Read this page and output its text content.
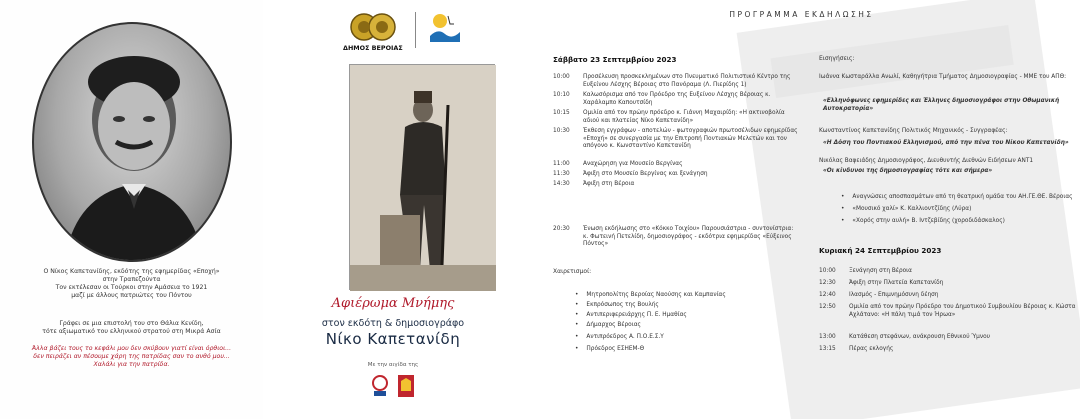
Ο Νίκος Καπετανίδης, εκδότης της εφημερίδας «Εποχή»
στην Τραπεζούντα
Τον εκτέλεσαν οι Τούρκοι στην Αμάσεια το 1921
μαζί με άλλους πατριώτες του Πόντου
Γράφει σε μια επιστολή του στο Θάλια Κενίδη,
τότε αξιωματικό του ελληνικού στρατού στη Μικρά Ασία
Άλλα βάζει τους το κεφάλι μου δεν σκύβουν γιατί είναι όρθιοι...
δεν πειράζει αν πέσουμε χάρη της πατρίδας σαν το ανθό μου...
Χαλάλι για την πατρίδα.
ΔΗΜΟΣ ΒΕΡΟΙΑΣ
Αφιέρωμα Μνήμης
στον εκδότη & δημοσιογράφο
Νίκο Καπετανίδη
Με την αιγίδα της
ΠΡΟΓΡΑΜΜΑ ΕΚΔΗΛΩΣΗΣ
Σάββατο 23 Σεπτεμβρίου 2023
10:00	Προσέλευση προσκεκλημένων στο Πνευματικό Πολιτιστικό Κέντρο της Ευξείνου Λέσχης Βέροιας στο Πανόραμα (Λ. Πιερίδης 1)
10:10	Καλωσόρισμα από τον Πρόεδρο της Ευξείνου Λέσχης Βέροιας κ. Χαράλαμπο Καπουτσίδη
10:15	Ομιλία από τον πρώην πρόεδρο κ. Γιάννη Μαχαιρίδη: «Η ακτινοβολία αδιού και πλατείας Νίκο Καπετανίδη»
10:30	Έκθεση εγγράφων - αποτελών - φωτογραφιών πρωτοσέλιδων εφημερίδας «Εποχή» σε συνεργασία με την Επιτροπή Ποντιακών Μελετών και τον απόγονο κ. Κωνσταντίνο Καπετανίδη
11:00	Αναχώρηση για Μουσείο Βεργίνας
11:30	Άφιξη στο Μουσείο Βεργίνας και ξενάγηση
14:30	Άφιξη στη Βέροια
20:30	Ένωση εκδήλωσης στο «Κόκκο Τοιχίου» Παρουσιάστρια - συντονίστρια: κ. Φωτεινή Πετελίδη, δημοσιογράφος - εκδότρια εφημερίδας «Εύξεινος Πόντος»
Χαιρετισμοί:
• Μητροπολίτης Βεροίας Ναούσης και Καμπανίας
• Εκπρόσωπος της Βουλής
• Αντιπεριφερειάρχης Π. Ε. Ημαθίας
• Δήμαρχος Βέροιας
• Αντιπρόεδρος Α. Π.Ο.Ε.Σ.Υ
• Πρόεδρος ΕΣΗΕΜ-Θ
Εισηγήσεις:
Ιωάννα Κωσταράλλα Ανωλί, Καθηγήτρια Τμήματος Δημοσιογραφίας - ΜΜΕ του ΑΠΘ:
«Ελληνόφωνες εφημερίδες και Έλληνες δημοσιογράφοι στην Οθωμανική Αυτοκρατορία»
Κωνσταντίνος Καπετανίδης Πολιτικός Μηχανικός - Συγγραφέας:
«Η Δόση του Ποντιακού Ελληνισμού, από την πένα του Νίκου Καπετανίδη»
Νικόλας Βαφειάδης Δημοσιογράφος, Διευθυντής Διεθνών Ειδήσεων ΑΝΤ1
«Οι κίνδυνοι της δημοσιογραφίας τότε και σήμερα»
• Αναγνώσεις αποσπασμάτων από τη θεατρική ομάδα του ΑΗ.ΓΕ.ΘΕ. Βέροιας
• «Μουσικό χαλί» Κ. Καλλιοντζίδης (Λύρα)
• «Χορός στην αυλή» Β. Ιντζεβίδης (χοροδιδάσκαλος)
Κυριακή 24 Σεπτεμβρίου 2023
10:00	Ξενάγηση στη Βέροια
12:30	Άφιξη στην Πλατεία Καπετανίδη
12:40	Ιλασμός - Επιμνημόσυνη δέηση
12:50	Ομιλία από τον πρώην Πρόεδρο του Δημοτικού Συμβουλίου Βέροιας κ. Κώστα Αχλάτανο: «Η πάλη τιμά τον Ήρωα»
13:00	Κατάθεση στεφάνων, ανάκρουση Εθνικού Ύμνου
13:15	Πέρας εκλογής
